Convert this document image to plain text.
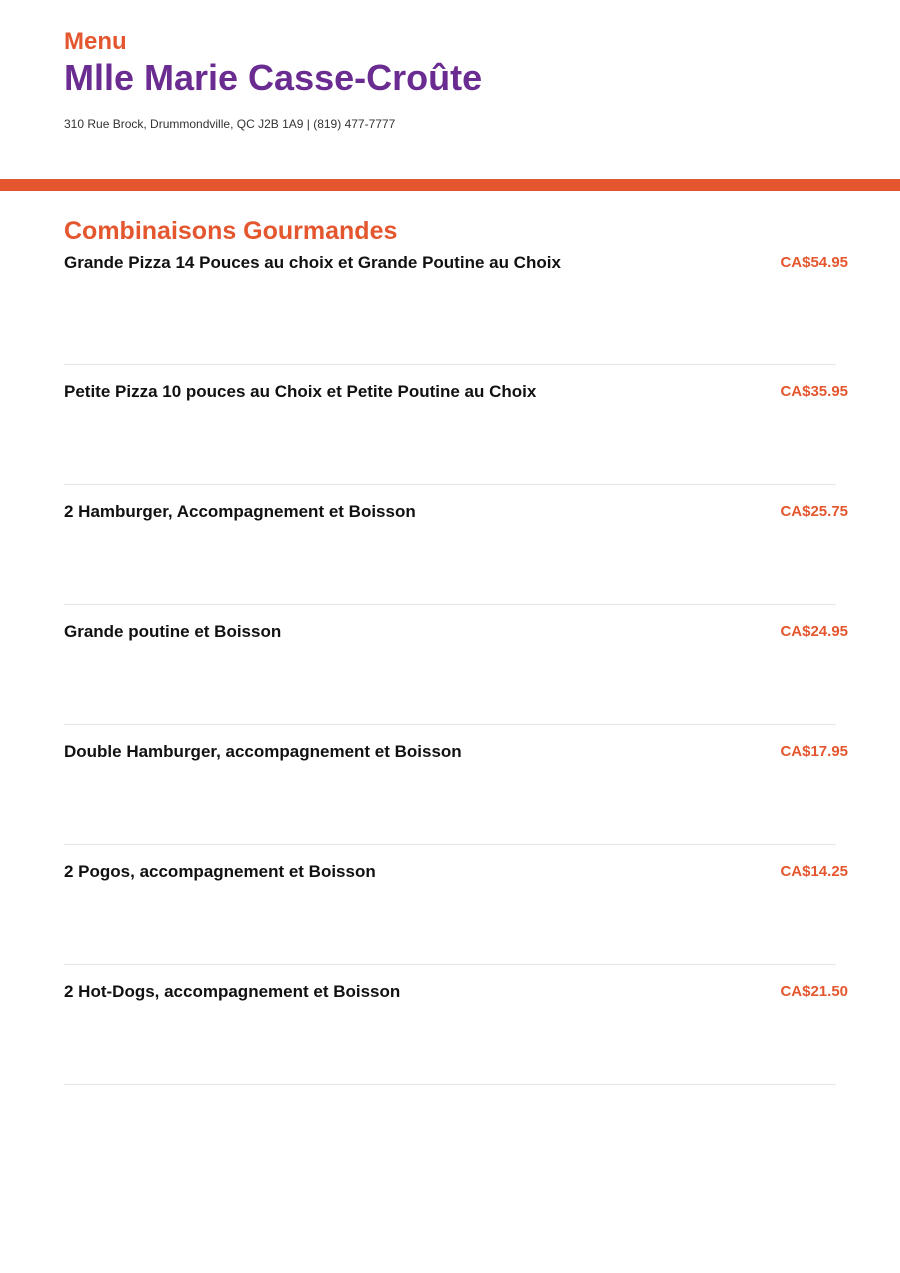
Menu

Mlle Marie Casse-Croûte

310 Rue Brock, Drummondville, QC J2B 1A9 | (819) 477-7777

Combinaisons Gourmandes
Grande Pizza 14 Pouces au choix et Grande Poutine au Choix	CA$54.95
Petite Pizza 10 pouces au Choix et Petite Poutine au Choix	CA$35.95
2 Hamburger, Accompagnement et Boisson	CA$25.75
Grande poutine et Boisson	CA$24.95
Double Hamburger, accompagnement et Boisson	CA$17.95
2 Pogos, accompagnement et Boisson	CA$14.25
2 Hot-Dogs, accompagnement et Boisson	CA$21.50
